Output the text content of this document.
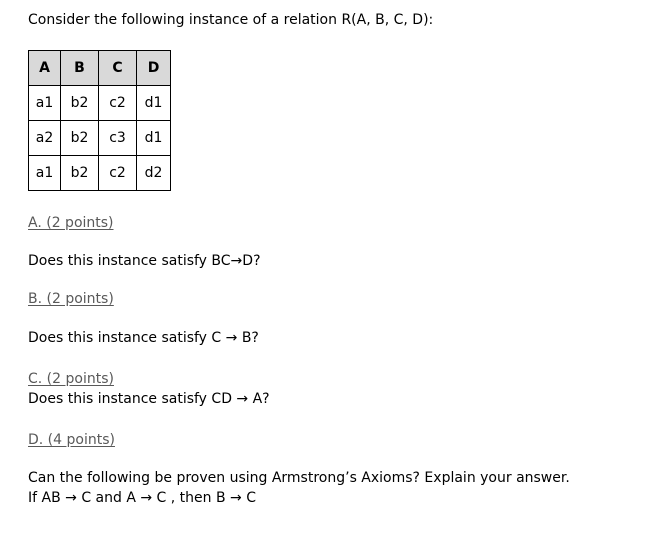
Consider the following instance of a relation R(A, B, C, D):
A	B	C	D
a1	b2	c2	d1
a2	b2	c3	d1
a1	b2	c2	d2
A. (2 points)
Does this instance satisfy BC→D?
B. (2 points)
Does this instance satisfy C → B?
C. (2 points)
Does this instance satisfy CD → A?
D. (4 points)
Can the following be proven using Armstrong’s Axioms? Explain your answer.
If AB → C and A → C , then B → C
